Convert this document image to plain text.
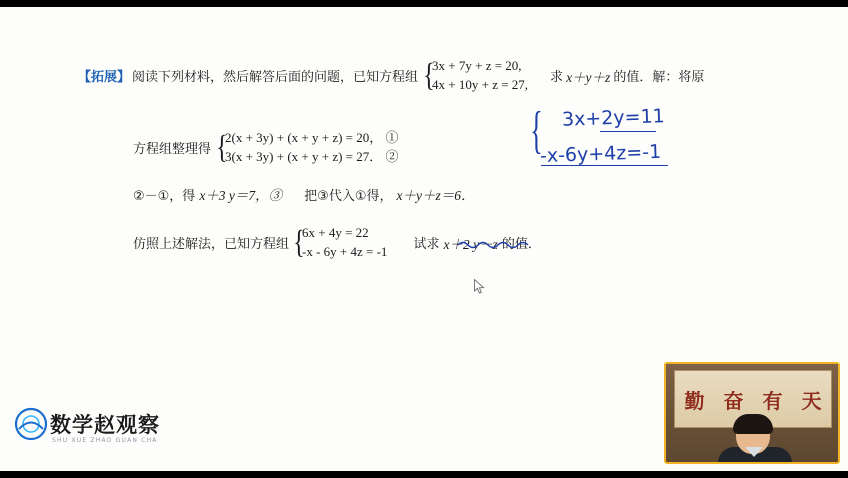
【拓展】 阅读下列材料，然后解答后面的问题，已知方程组 {
3x + 7y + z = 20,
4x + 10y + z = 27, 求 x＋y＋z 的值．解：将原
方程组整理得 {
2(x + 3y) + (x + y + z) = 20， ①
3(x + 3y) + (x + y + z) = 27． ②
②－①，得 x＋3 y＝7，③ 把③代入①得， x＋y＋z＝6．
仿照上述解法，已知方程组 {
6x + 4y = 22
-x - 6y + 4z = -1 试求 x＋2 y－z 的值．
{ 3x+2y=11
-x-6y+4z=-1
数学赵观察
SHU XUE ZHAO GUAN CHA
勤 奋 有 天
